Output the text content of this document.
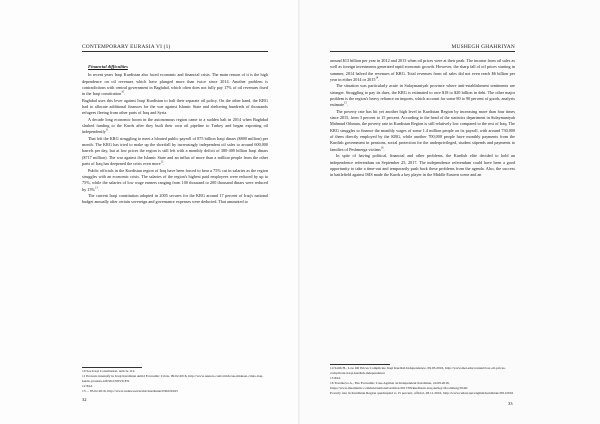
CONTEMPORARY EURASIA VI (1)
Financial difficulties

In recent years Iraqi Kurdistan also faced economic and financial crisis. The main reason of it is the high dependence on oil revenues which have plunged more than twice since 2014. Another problem is contradictions with central government in Baghdad, which often does not fully pay 17% of oil revenues fixed in the Iraqi constitution$^{10}$.

Baghdad uses this lever against Iraqi Kurdistan to halt their separate oil policy. On the other hand, the KRG had to allocate additional finances for the war against Islamic State and sheltering hundreds of thousands refugees fleeing from other parts of Iraq and Syria.

A decade long economic boom in the autonomous region came to a sudden halt in 2014 when Baghdad slashed funding to the Kurds after they built their own oil pipeline to Turkey and began exporting oil independently$^{11}$.

That left the KRG struggling to meet a bloated public payroll of 875 billion Iraqi dinars ($800 million) per month. The KRG has tried to make up the shortfall by increasingly independent oil sales to around 600,000 barrels per day, but at low prices the region is still left with a monthly deficit of 380-400 billion Iraqi dinars ($717 million). The war against the Islamic State and an influx of more than a million people from the other parts of Iraq has deepened the crisis even more$^{12}$.

Public officials in the Kurdistan region of Iraq have been forced to bear a 75% cut in salaries as the region struggles with an economic crisis. The salaries of the region's highest paid employees were reduced by up to 75%, while the salaries of low wage earners ranging from 100 thousand to 200 thousand dinars were reduced by 15%$^{13}$.

The current Iraqi constitution adopted in 2005 secures for the KRG around 17 percent of Iraq's national budget annually after certain sovereign and governance expenses were deducted. That amounted to

10 See Iraqi Constitution, Article 112.
11 Protests intensify in Iraqi Kurdistan Amid Economic Crisis, 09.02.2016, http://www.reuters.com/article/us-mideast-crisis-iraq-kurds-protests-idUSKCN0VI1EX
12 Ibid.
13 ... 03.02.2016, http://www.rudaw.net/arabic/kurdistan/030220165
32
MUSHEGH GHAHRIYAN

around $13 billion per year in 2012 and 2013 when oil prices were at their peak. The income from oil sales as well as foreign investments generated rapid economic growth. However, the sharp fall of oil prices starting in summer, 2014 halved the revenues of KRG. Total revenues from oil sales did not even reach $6 billion per year in either 2014 or 2015$^{14}$.

The situation was particularly acute in Sulaymaniyah province where anti-establishment sentiments are stronger. Struggling to pay its dues, the KRG is estimated to owe $18 to $20 billion in debt. The other major problem is the region's heavy reliance on imports, which account for some 80 to 90 percent of goods, analysts estimate$^{15}$.

The poverty rate has hit yet another high level in Kurdistan Region by increasing more than four times since 2015, from 3 percent to 15 percent. According to the head of the statistics department in Sulaymaniyah Mahmud Othman, the poverty rate in Kurdistan Region is still relatively low compared to the rest of Iraq. The KRG struggles to finance the monthly wages of some 1.4 million people on its payroll, with around 730,000 of them directly employed by the KRG, while another 700,000 people have monthly payments from the Kurdish government in pensions, social protection for the underprivileged, student stipends and payments to families of Peshmerga victims$^{16}$.

In spite of having political, financial and other problems, the Kurdish elite decided to hold an independence referendum on September 25, 2017. The independence referendum could have been a good opportunity to take a time-out and temporarily push back these problems from the agenda. Also, the success in battlefield against ISIS made the Kurds a key player in the Middle Eastern scene and an

14 Salih H., Low Oil Prices Complicate Iraqi Kurdish Independence, 09.03.2016, http://www.mei.edu/content/low-oil-prices-complicate-iraqi-kurdish-independence
15 Ibid.
16 Tsvetkova A., The Economic Case Against an Independent Kurdistan, 24.09.2016, https://www.theatlantic.com/international/archive/2017/09/kurdistan-iraq-turkey-bloomberg/b540/
Poverty rate in Kurdistan Region quadrupled to 15 percent, official, 28.11.2016, http://www.rudaw.net/english/kurdistan/28112016
33
